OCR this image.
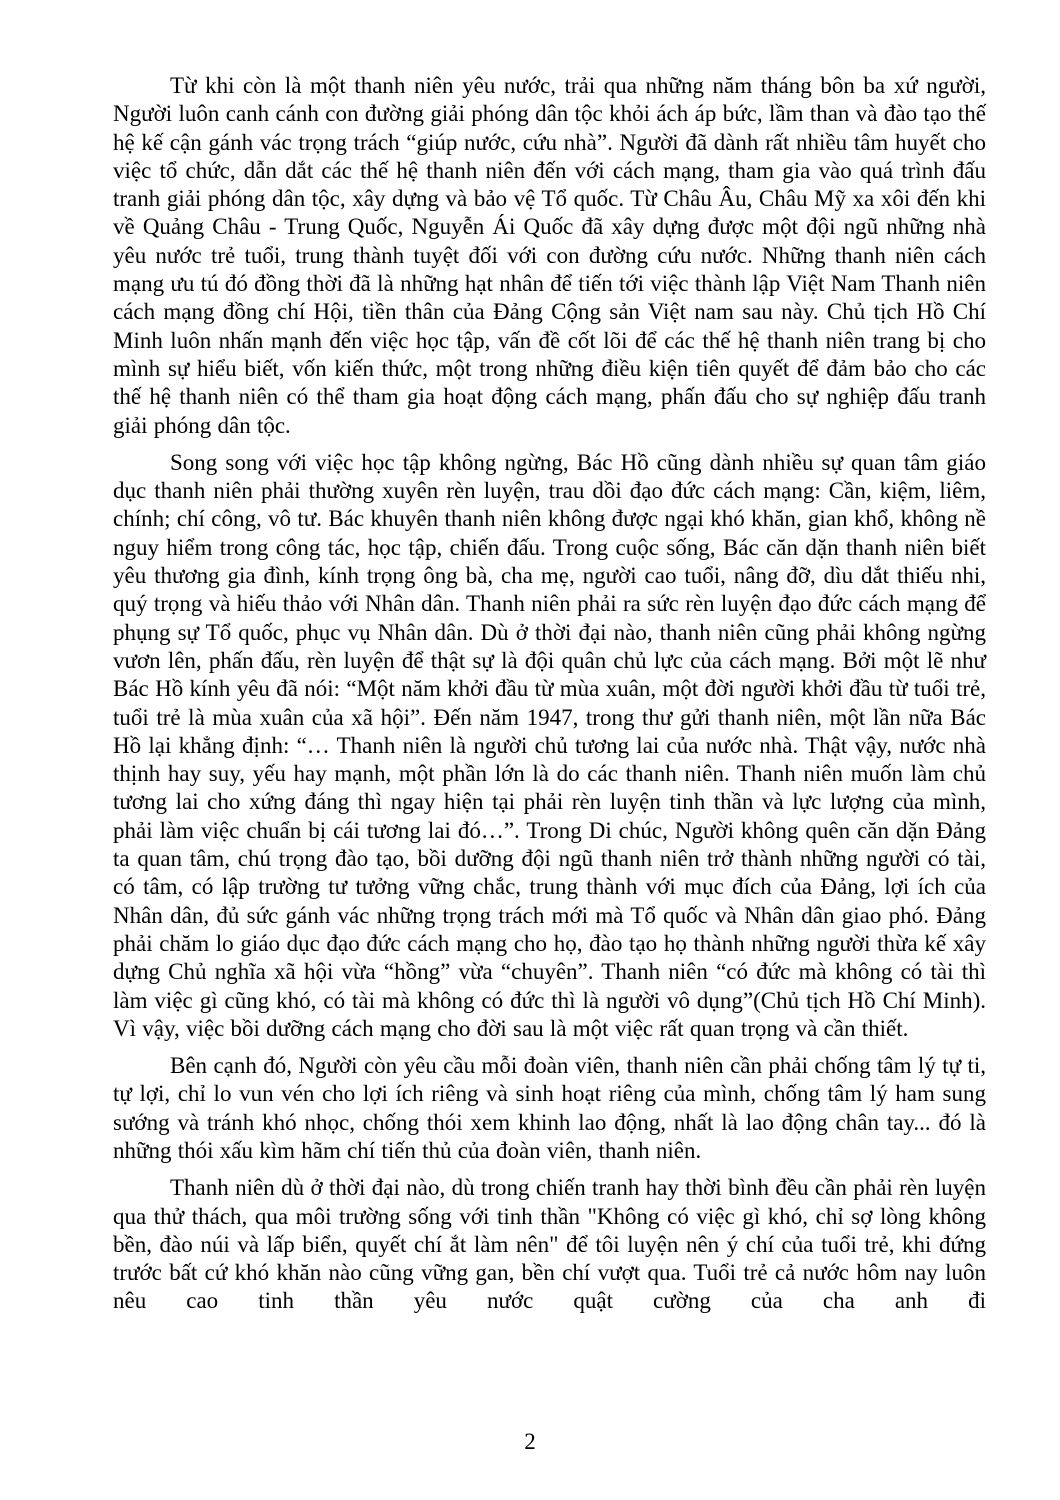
Từ khi còn là một thanh niên yêu nước, trải qua những năm tháng bôn ba xứ người, Người luôn canh cánh con đường giải phóng dân tộc khỏi ách áp bức, lầm than và đào tạo thế hệ kế cận gánh vác trọng trách “giúp nước, cứu nhà”. Người đã dành rất nhiều tâm huyết cho việc tổ chức, dẫn dắt các thế hệ thanh niên đến với cách mạng, tham gia vào quá trình đấu tranh giải phóng dân tộc, xây dựng và bảo vệ Tổ quốc. Từ Châu Âu, Châu Mỹ xa xôi đến khi về Quảng Châu - Trung Quốc, Nguyễn Ái Quốc đã xây dựng được một đội ngũ những nhà yêu nước trẻ tuổi, trung thành tuyệt đối với con đường cứu nước. Những thanh niên cách mạng ưu tú đó đồng thời đã là những hạt nhân để tiến tới việc thành lập Việt Nam Thanh niên cách mạng đồng chí Hội, tiền thân của Đảng Cộng sản Việt nam sau này. Chủ tịch Hồ Chí Minh luôn nhấn mạnh đến việc học tập, vấn đề cốt lõi để các thế hệ thanh niên trang bị cho mình sự hiểu biết, vốn kiến thức, một trong những điều kiện tiên quyết để đảm bảo cho các thế hệ thanh niên có thể tham gia hoạt động cách mạng, phấn đấu cho sự nghiệp đấu tranh giải phóng dân tộc.

Song song với việc học tập không ngừng, Bác Hồ cũng dành nhiều sự quan tâm giáo dục thanh niên phải thường xuyên rèn luyện, trau dồi đạo đức cách mạng: Cần, kiệm, liêm, chính; chí công, vô tư. Bác khuyên thanh niên không được ngại khó khăn, gian khổ, không nề nguy hiểm trong công tác, học tập, chiến đấu. Trong cuộc sống, Bác căn dặn thanh niên biết yêu thương gia đình, kính trọng ông bà, cha mẹ, người cao tuổi, nâng đỡ, dìu dắt thiếu nhi, quý trọng và hiếu thảo với Nhân dân. Thanh niên phải ra sức rèn luyện đạo đức cách mạng để phụng sự Tổ quốc, phục vụ Nhân dân. Dù ở thời đại nào, thanh niên cũng phải không ngừng vươn lên, phấn đấu, rèn luyện để thật sự là đội quân chủ lực của cách mạng. Bởi một lẽ như Bác Hồ kính yêu đã nói: “Một năm khởi đầu từ mùa xuân, một đời người khởi đầu từ tuổi trẻ, tuổi trẻ là mùa xuân của xã hội”. Đến năm 1947, trong thư gửi thanh niên, một lần nữa Bác Hồ lại khẳng định: “… Thanh niên là người chủ tương lai của nước nhà. Thật vậy, nước nhà thịnh hay suy, yếu hay mạnh, một phần lớn là do các thanh niên. Thanh niên muốn làm chủ tương lai cho xứng đáng thì ngay hiện tại phải rèn luyện tinh thần và lực lượng của mình, phải làm việc chuẩn bị cái tương lai đó…”. Trong Di chúc, Người không quên căn dặn Đảng ta quan tâm, chú trọng đào tạo, bồi dưỡng đội ngũ thanh niên trở thành những người có tài, có tâm, có lập trường tư tưởng vững chắc, trung thành với mục đích của Đảng, lợi ích của Nhân dân, đủ sức gánh vác những trọng trách mới mà Tổ quốc và Nhân dân giao phó. Đảng phải chăm lo giáo dục đạo đức cách mạng cho họ, đào tạo họ thành những người thừa kế xây dựng Chủ nghĩa xã hội vừa “hồng” vừa “chuyên”. Thanh niên “có đức mà không có tài thì làm việc gì cũng khó, có tài mà không có đức thì là người vô dụng”(Chủ tịch Hồ Chí Minh). Vì vậy, việc bồi dưỡng cách mạng cho đời sau là một việc rất quan trọng và cần thiết.

Bên cạnh đó, Người còn yêu cầu mỗi đoàn viên, thanh niên cần phải chống tâm lý tự ti, tự lợi, chỉ lo vun vén cho lợi ích riêng và sinh hoạt riêng của mình, chống tâm lý ham sung sướng và tránh khó nhọc, chống thói xem khinh lao động, nhất là lao động chân tay... đó là những thói xấu kìm hãm chí tiến thủ của đoàn viên, thanh niên.

Thanh niên dù ở thời đại nào, dù trong chiến tranh hay thời bình đều cần phải rèn luyện qua thử thách, qua môi trường sống với tinh thần "Không có việc gì khó, chỉ sợ lòng không bền, đào núi và lấp biển, quyết chí ắt làm nên" để tôi luyện nên ý chí của tuổi trẻ, khi đứng trước bất cứ khó khăn nào cũng vững gan, bền chí vượt qua. Tuổi trẻ cả nước hôm nay luôn nêu cao tinh thần yêu nước quật cường của cha anh đi

2
